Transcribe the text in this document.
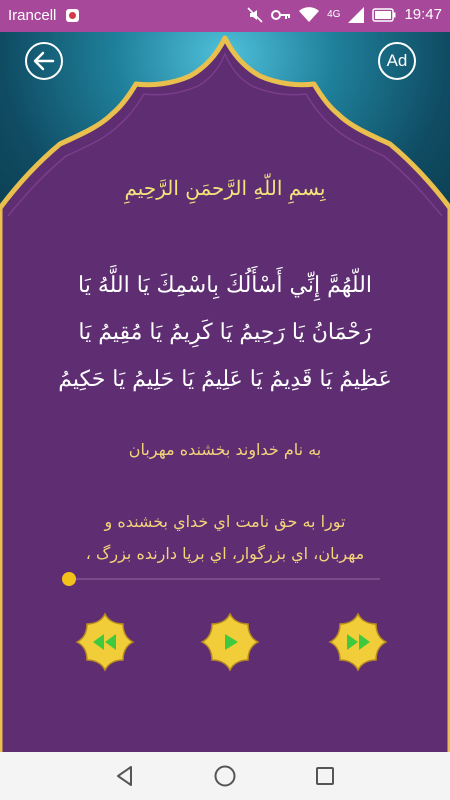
Irancell	4G	19:47
Ad
بِسمِ اللّهِ الرَّحمَنِ الرَّحِيمِ
اللّهُمَّ إِنِّي أَسْأَلُكَ بِاسْمِكَ يَا اللَّهُ يَا
رَحْمَانُ يَا رَحِيمُ يَا كَرِيمُ يَا مُقِيمُ يَا
عَظِيمُ يَا قَدِيمُ يَا عَلِيمُ يَا حَلِيمُ يَا حَكِيمُ
به نام خداوند بخشنده مهربان
تورا به حق نامت اي خداي بخشنده و
مهربان، اي بزرگوار، اي برپا دارنده بزرگ ،
